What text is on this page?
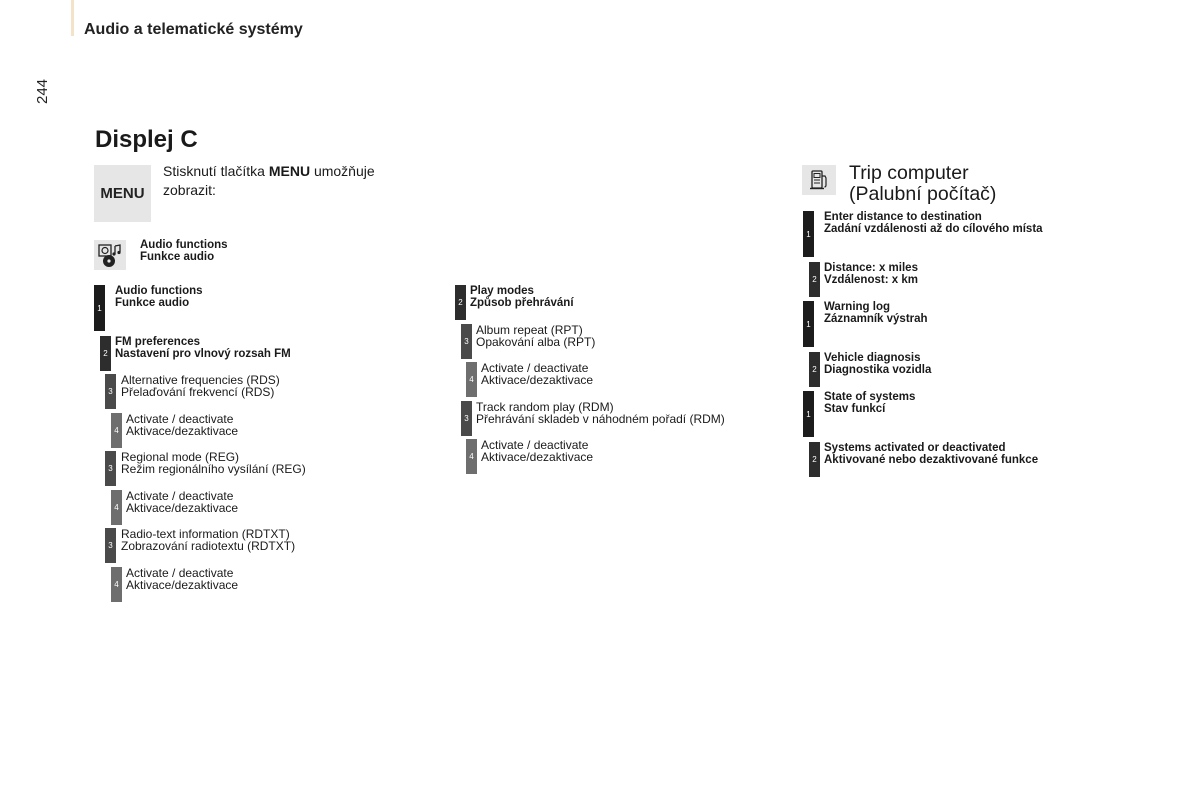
Audio a telematické systémy
244
Displej C
MENU
Stisknutí tlačítka MENU umožňuje zobrazit:
Audio functions
Funkce audio
Trip computer
(Palubní počítač)
1
Audio functions
Funkce audio
2
FM preferences
Nastavení pro vlnový rozsah FM
3
Alternative frequencies (RDS)
Přelaďování frekvencí (RDS)
4
Activate / deactivate
Aktivace/dezaktivace
3
Regional mode (REG)
Režim regionálního vysílání (REG)
4
Activate / deactivate
Aktivace/dezaktivace
3
Radio-text information (RDTXT)
Zobrazování radiotextu (RDTXT)
4
Activate / deactivate
Aktivace/dezaktivace
2
Play modes
Způsob přehrávání
3
Album repeat (RPT)
Opakování alba (RPT)
4
Activate / deactivate
Aktivace/dezaktivace
3
Track random play (RDM)
Přehrávání skladeb v náhodném pořadí (RDM)
4
Activate / deactivate
Aktivace/dezaktivace
1
Enter distance to destination
Zadání vzdálenosti až do cílového místa
2
Distance: x miles
Vzdálenost: x km
1
Warning log
Záznamník výstrah
2
Vehicle diagnosis
Diagnostika vozidla
1
State of systems
Stav funkcí
2
Systems activated or deactivated
Aktivované nebo dezaktivované funkce
